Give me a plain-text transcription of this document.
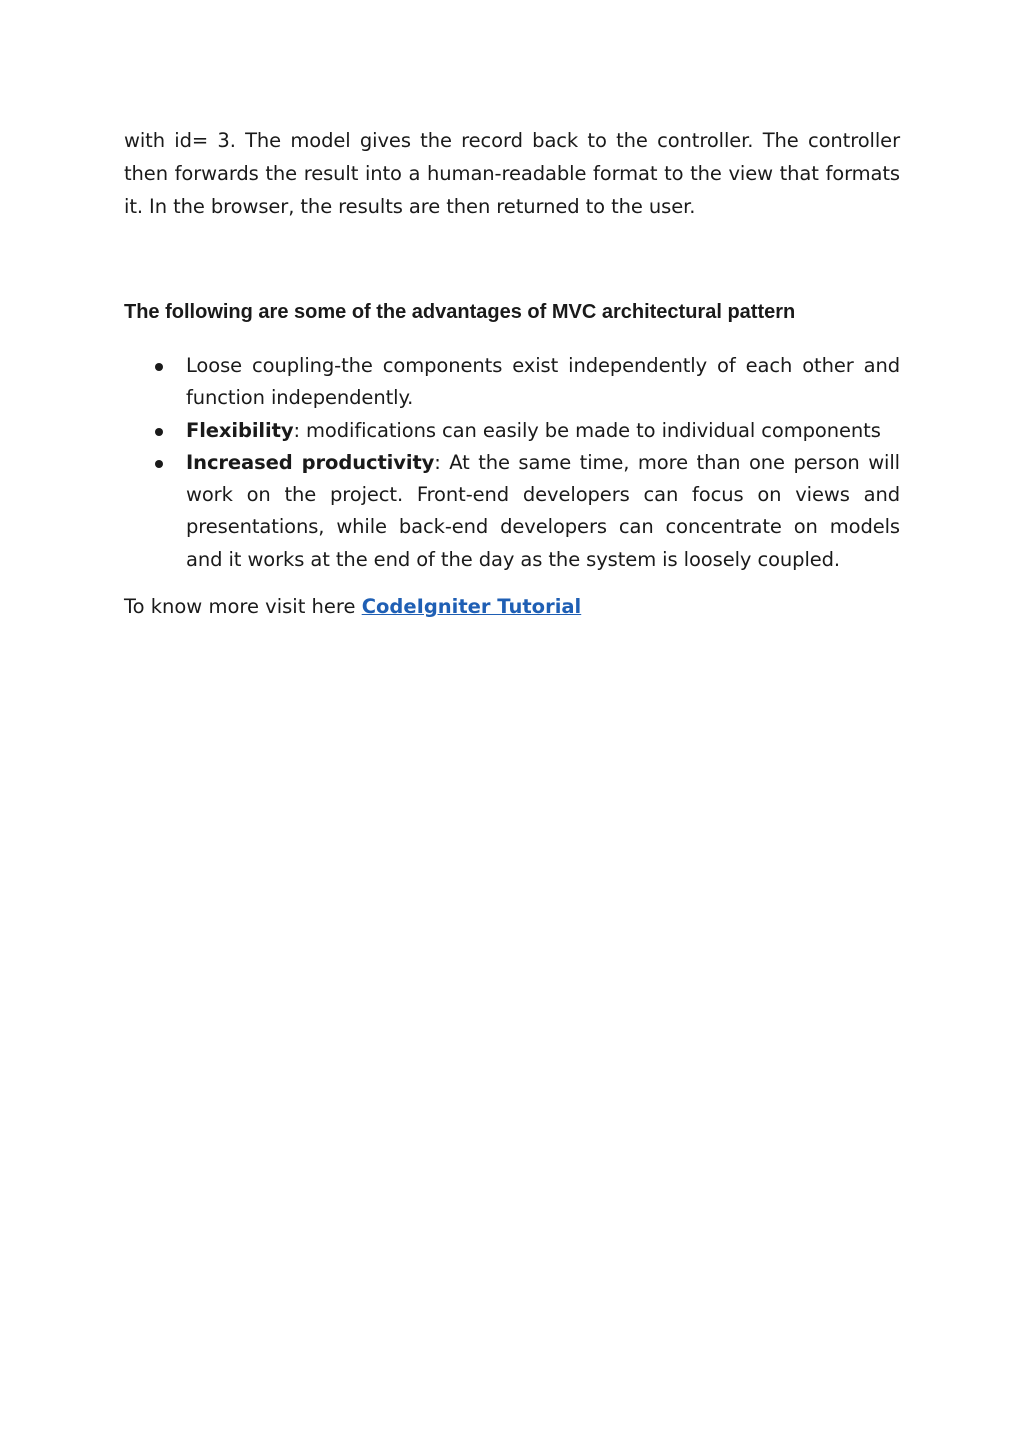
with id= 3. The model gives the record back to the controller. The controller then forwards the result into a human-readable format to the view that formats it. In the browser, the results are then returned to the user.

The following are some of the advantages of MVC architectural pattern
Loose coupling-the components exist independently of each other and function independently.
Flexibility: modifications can easily be made to individual components
Increased productivity: At the same time, more than one person will work on the project. Front-end developers can focus on views and presentations, while back-end developers can concentrate on models and it works at the end of the day as the system is loosely coupled.

To know more visit here CodeIgniter Tutorial
